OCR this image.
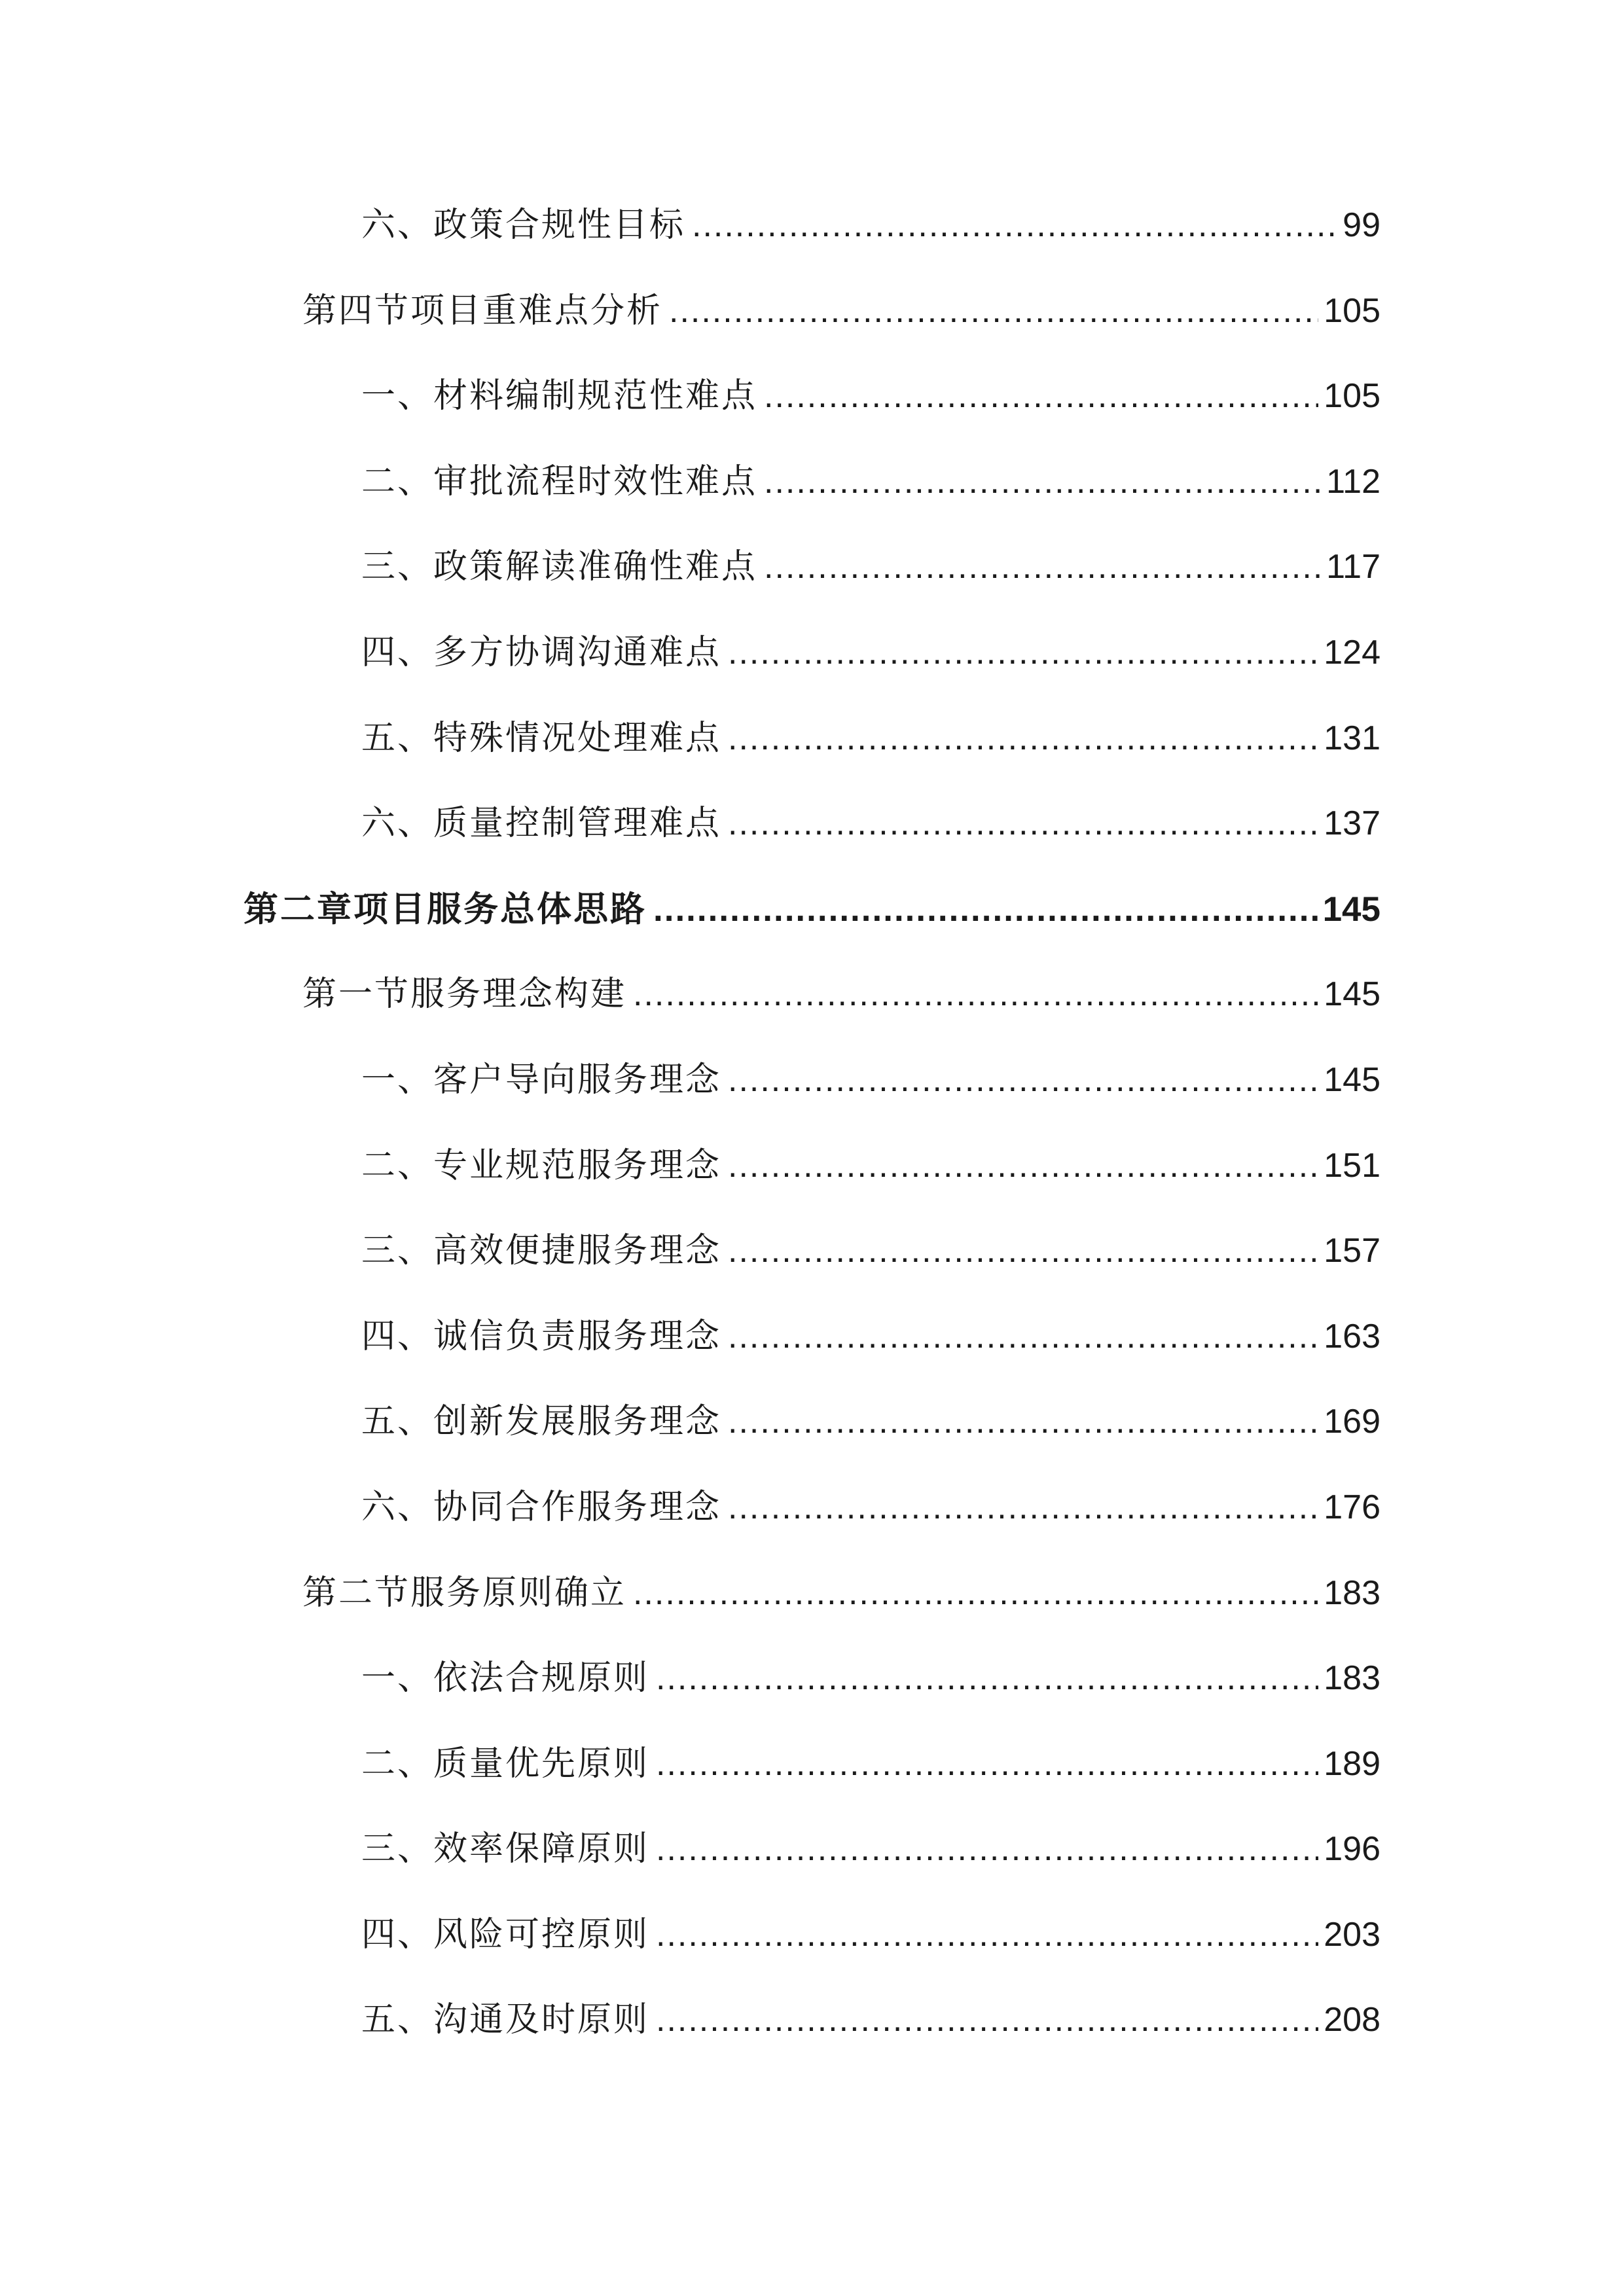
六、政策合规性目标 .....	99
第四节项目重难点分析 .....	105
一、材料编制规范性难点 .....	105
二、审批流程时效性难点 .....	112
三、政策解读准确性难点 .....	117
四、多方协调沟通难点 .....	124
五、特殊情况处理难点 .....	131
六、质量控制管理难点 .....	137
第二章项目服务总体思路 .....	145
第一节服务理念构建 .....	145
一、客户导向服务理念 .....	145
二、专业规范服务理念 .....	151
三、高效便捷服务理念 .....	157
四、诚信负责服务理念 .....	163
五、创新发展服务理念 .....	169
六、协同合作服务理念 .....	176
第二节服务原则确立 .....	183
一、依法合规原则 .....	183
二、质量优先原则 .....	189
三、效率保障原则 .....	196
四、风险可控原则 .....	203
五、沟通及时原则 .....	208
